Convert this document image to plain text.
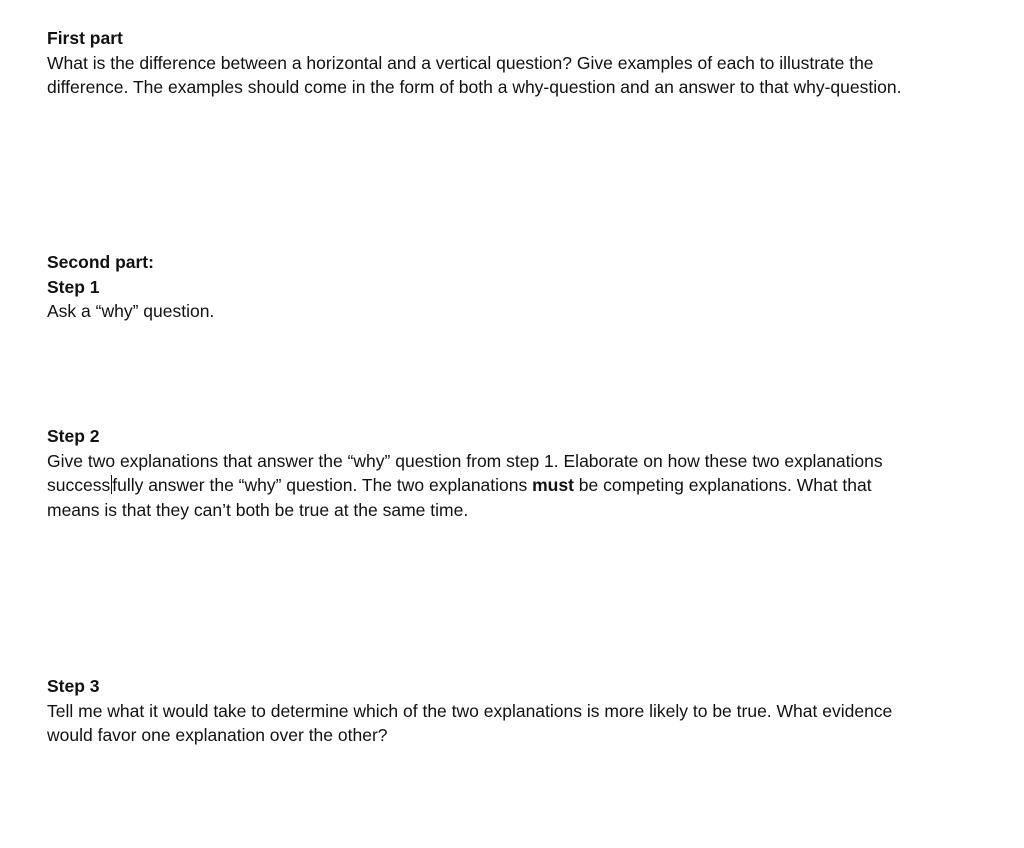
First part
What is the difference between a horizontal and a vertical question? Give examples of each to illustrate the difference. The examples should come in the form of both a why-question and an answer to that why-question.
Second part:
Step 1
Ask a “why” question.
Step 2
Give two explanations that answer the “why” question from step 1. Elaborate on how these two explanations success fully answer the “why” question. The two explanations must be competing explanations. What that means is that they can’t both be true at the same time.
Step 3
Tell me what it would take to determine which of the two explanations is more likely to be true. What evidence would favor one explanation over the other?
